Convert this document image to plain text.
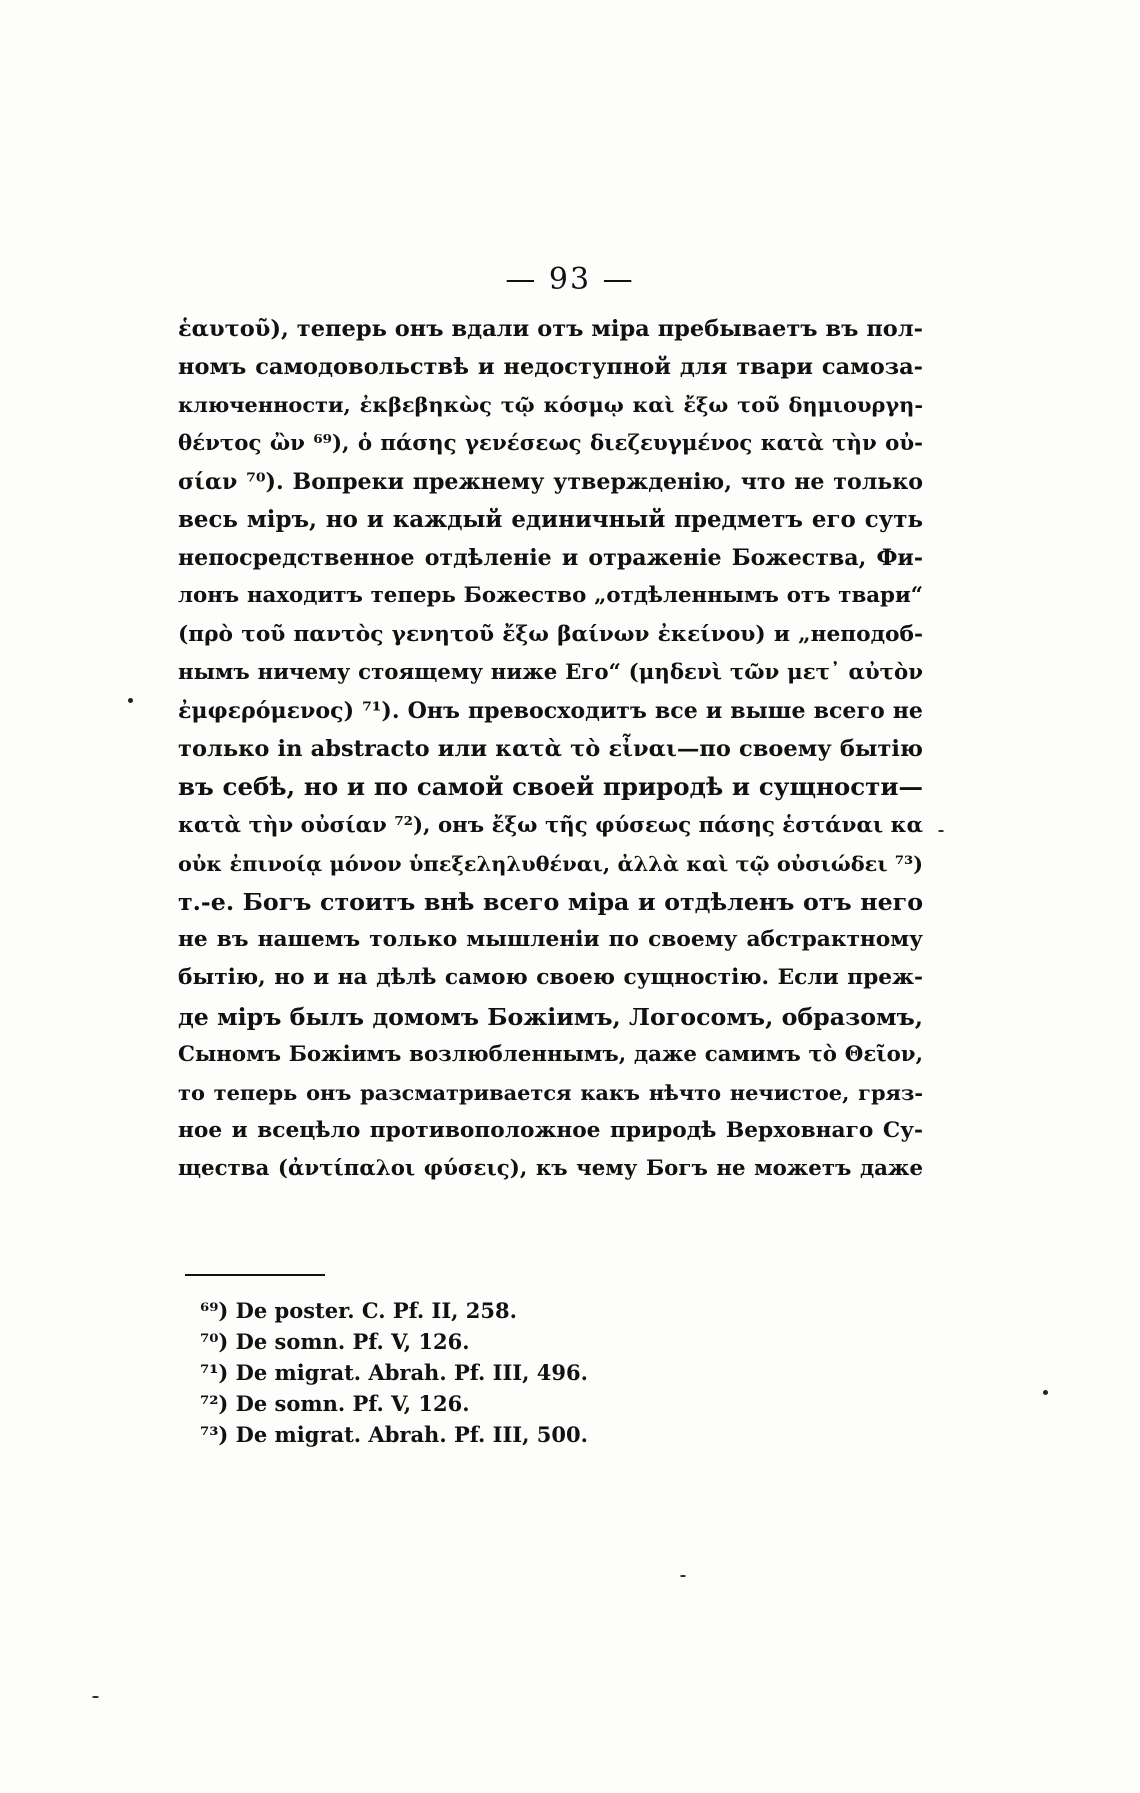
— 93 —
ἑαυτοῦ), теперь онъ вдали отъ міра пребываетъ въ пол-
номъ самодовольствѣ и недоступной для твари самоза-
ключенности, ἐκβεβηκὼς τῷ κόσμῳ καὶ ἔξω τοῦ δημιουργη-
θέντος ὢν ⁶⁹), ὁ πάσης γενέσεως διεζευγμένος κατὰ τὴν οὐ-
σίαν ⁷⁰). Вопреки прежнему утвержденію, что не только
весь міръ, но и каждый единичный предметъ его суть
непосредственное отдѣленіе и отраженіе Божества, Фи-
лонъ находитъ теперь Божество „отдѣленнымъ отъ твари“
(πρὸ τοῦ παντὸς γενητοῦ ἔξω βαίνων ἐκείνου) и „неподоб-
нымъ ничему стоящему ниже Его“ (μηδενὶ τῶν μετ᾽ αὐτὸν
ἐμφερόμενος) ⁷¹). Онъ превосходитъ все и выше всего не
только in abstracto или κατὰ τὸ εἶναι—по своему бытію
въ себѣ, но и по самой своей природѣ и сущности—
κατὰ τὴν οὐσίαν ⁷²), онъ ἔξω τῆς φύσεως πάσης ἑστάναι κα
οὐκ ἐπινοίᾳ μόνον ὑπεξεληλυθέναι, ἀλλὰ καὶ τῷ οὐσιώδει ⁷³)
т.-е. Богъ стоитъ внѣ всего міра и отдѣленъ отъ него
не въ нашемъ только мышленіи по своему абстрактному
бытію, но и на дѣлѣ самою своею сущностію. Если преж-
де міръ былъ домомъ Божіимъ, Логосомъ, образомъ,
Сыномъ Божіимъ возлюбленнымъ, даже самимъ τὸ Θεῖον,
то теперь онъ разсматривается какъ нѣчто нечистое, гряз-
ное и всецѣло противоположное природѣ Верховнаго Су-
щества (ἀντίπαλοι φύσεις), къ чему Богъ не можетъ даже
⁶⁹) De poster. C. Pf. II, 258.
⁷⁰) De somn. Pf. V, 126.
⁷¹) De migrat. Abrah. Pf. III, 496.
⁷²) De somn. Pf. V, 126.
⁷³) De migrat. Abrah. Pf. III, 500.
